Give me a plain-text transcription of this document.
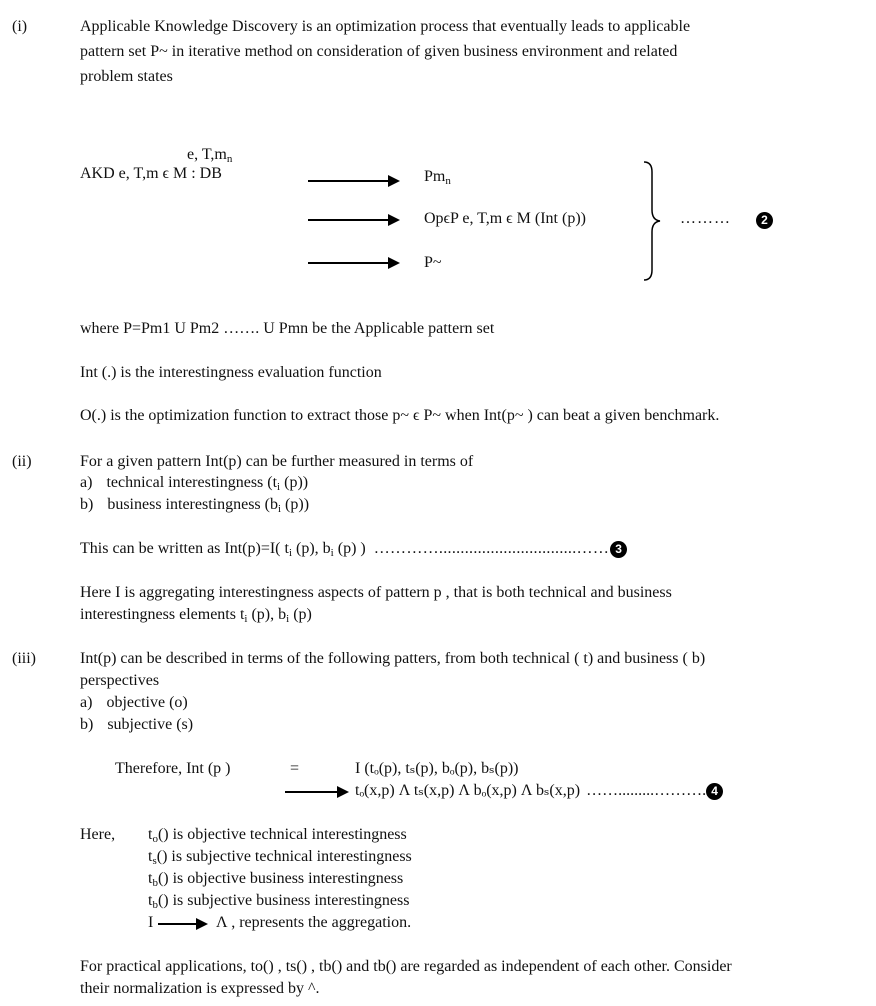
(i)	Applicable Knowledge Discovery is an optimization process that eventually leads to applicable
pattern set P~ in iterative method on consideration of given business environment and related
problem states
e, $T,m_n$
AKD e, T,m ϵ M : DB	$Pm_n$
OpϵP e, T,m ϵ M (Int (p))
P~
………	2
where P=Pm1 U Pm2 ……. U Pmn be the Applicable pattern set
Int (.) is the interestingness evaluation function
O(.) is the optimization function to extract those p~ ϵ P~ when Int(p~ ) can beat a given benchmark.
(ii)	For a given pattern Int(p) can be further measured in terms of
a) technical interestingness ($t_i$ (p))
b) business interestingness ($b_i$ (p))
This can be written as Int(p)=I( $t_i$ (p), $b_i$ (p) ) …………................................…… 3
Here I is aggregating interestingness aspects of pattern p , that is both technical and business
interestingness elements $t_i$ (p), $b_i$ (p)
(iii)	Int(p) can be described in terms of the following patters, from both technical ( t) and business ( b)
perspectives
a) objective (o)
b) subjective (s)
Therefore, Int (p )	=	I (tₒ(p), tₛ(p), bₒ(p), bₛ(p))
tₒ(x,p) Λ tₛ(x,p) Λ bₒ(x,p) Λ bₛ(x,p) …….........………. 4
Here, $t_o()$ is objective technical interestingness
$t_s()$ is subjective technical interestingness
$t_b()$ is objective business interestingness
$t_b()$ is subjective business interestingness
I	Λ , represents the aggregation.
For practical applications, to() , ts() , tb() and tb() are regarded as independent of each other. Consider
their normalization is expressed by ^.
